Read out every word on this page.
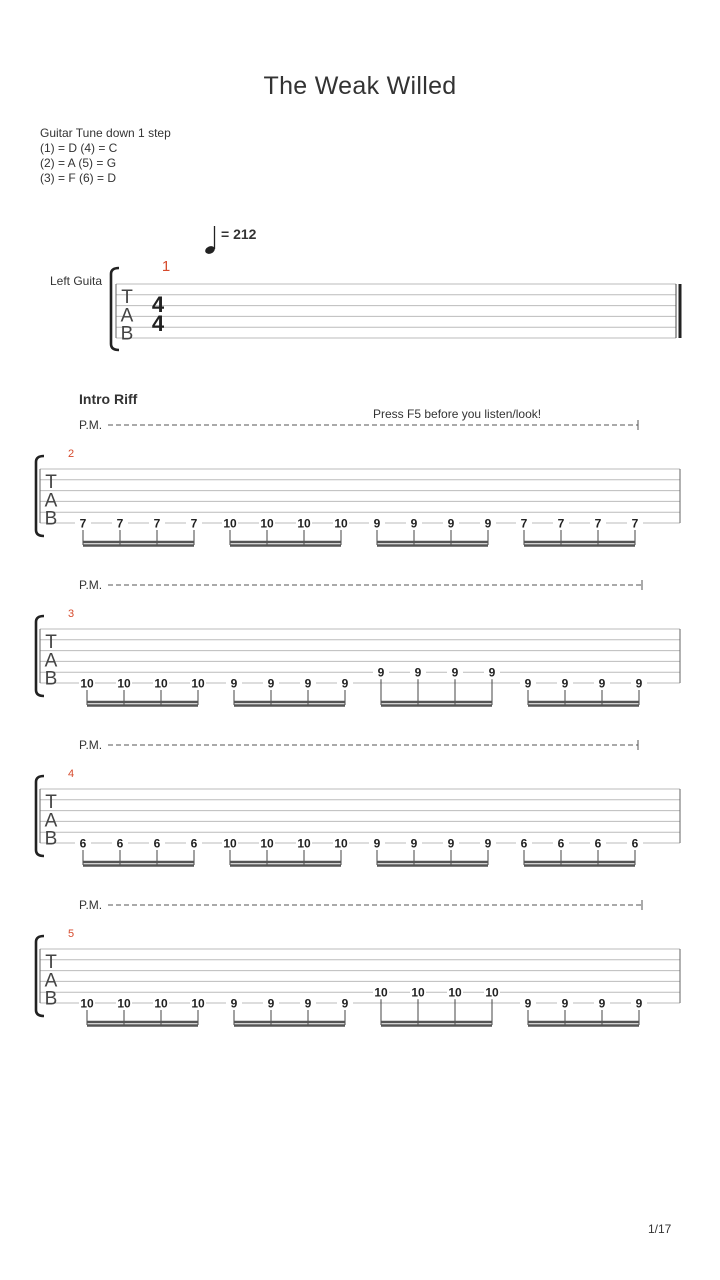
The Weak Willed
Guitar Tune down 1 step
(1) = D (4) = C
(2) = A (5) = G
(3) = F (6) = D
= 212
Left Guita
Intro Riff
Press F5 before you listen/look!
T
A
B
1
4
4
P.M.
T
A
B
2
7	7	7	7 10 10 10 10 9	9	9	9 7	7	7	7
P.M.
T
A
B
3
10 10 10 10 9	9	9	9
9	9	9	9
9	9	9	9
P.M.
T
A
B
4
6	6	6	6 10 10 10 10 9	9	9	9 6	6	6	6
P.M.
T
A
B
5
10 10 10 10 9	9	9	9
10 10 10 10
9	9	9	9
1/17
